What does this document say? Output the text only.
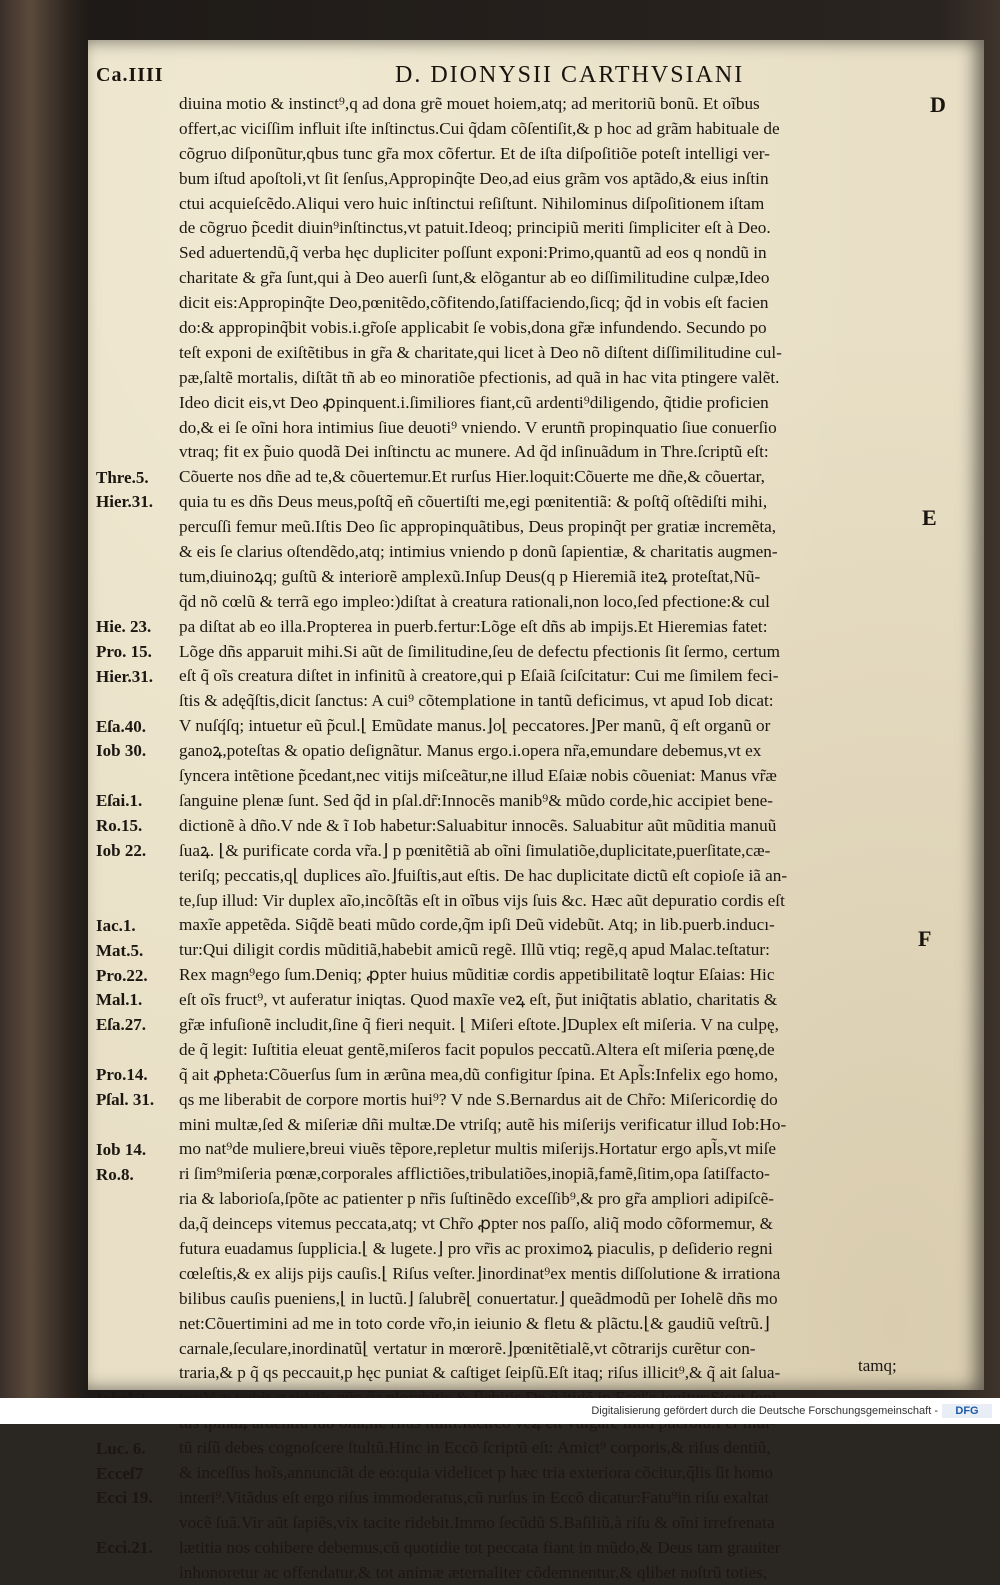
Ca.IIII	D. DIONYSII CARTHVSIANI
D
E
F
Thre.5.
Hier.31.
Hie. 23.
Pro. 15.
Hier.31.
Eſa.40.
Iob 30.
Eſai.1.
Ro.15.
Iob 22.
Iac.1.
Mat.5.
Pro.22.
Mal.1.
Eſa.27.
Pro.14.
Pſal. 31.
Iob 14.
Ro.8.
Luc. 6.
Ecceſ7
Ecci 19.
Ecci.21.
diuina motio & instinct⁹,q ad dona grẽ mouet hoiem,atq; ad meritoriũ bonũ. Et oĩbus
offert,ac viciſſim influit iſte inſtinctus.Cui q̃dam cõſentiſit,& p hoc ad grãm habituale de
cõgruo diſponũtur,qbus tunc gr̃a mox cõfertur. Et de iſta diſpoſitiõe poteſt intelligi ver-
bum iſtud apoſtoli,vt ſit ſenſus,Appropinq̃te Deo,ad eius grãm vos aptãdo,& eius inſtin
ctui acquieſcẽdo.Aliqui vero huic inſtinctui reſiſtunt. Nihilominus diſpoſitionem iſtam
de cõgruo p̃cedit diuin⁹inſtinctus,vt patuit.Ideoq; principiũ meriti ſimpliciter eſt à Deo.
Sed aduertendũ,q̃ verba hęc dupliciter poſſunt exponi:Primo,quantũ ad eos q nondũ in
charitate & gr̃a ſunt,qui à Deo auerſi ſunt,& elõgantur ab eo diſſimilitudine culpæ,Ideo
dicit eis:Appropinq̃te Deo,pœnitẽdo,cõfitendo,ſatiſfaciendo,ſicq; q̃d in vobis eſt facien
do:& appropinq̃bit vobis.i.gr̃oſe applicabit ſe vobis,dona gr̃æ infundendo. Secundo po
teſt exponi de exiſtẽtibus in gr̃a & charitate,qui licet à Deo nõ diſtent diſſimilitudine cul-
pæ,ſaltẽ mortalis, diſtãt tñ ab eo minoratiõe pfectionis, ad quã in hac vita ptingere valẽt.
Ideo dicit eis,vt Deo ꝓpinquent.i.ſimiliores fiant,cũ ardenti⁹diligendo, q̃tidie proficien
do,& ei ſe oĩni hora intimius ſiue deuoti⁹ vniendo. V eruntñ propinquatio ſiue conuerſio
vtraq; fit ex p̃uio quodã Dei inſtinctu ac munere. Ad q̃d inſinuãdum in Thre.ſcriptũ eſt:
Cõuerte nos dñe ad te,& cõuertemur.Et rurſus Hier.loquit:Cõuerte me dñe,& cõuertar,
quia tu es dñs Deus meus,poſtq̃ eñ cõuertiſti me,egi pœnitentiã: & poſtq̃ oſtẽdiſti mihi,
percuſſi femur meũ.Iſtis Deo ſic appropinquãtibus, Deus propinq̃t per gratiæ incremẽta,
& eis ſe clarius oſtendẽdo,atq; intimius vniendo p donũ ſapientiæ, & charitatis augmen-
tum,diuinoꝝq; guſtũ & interiorẽ amplexũ.Inſup Deus(q p Hieremiã iteꝝ proteſtat,Nũ-
q̃d nõ cœlũ & terrã ego impleo:)diſtat à creatura rationali,non loco,ſed pfectione:& cul
pa diſtat ab eo illa.Propterea in puerb.fertur:Lõge eſt dñs ab impijs.Et Hieremias fatet:
Lõge dñs apparuit mihi.Si aũt de ſimilitudine,ſeu de defectu pfectionis ſit ſermo, certum
eſt q̃ oĩs creatura diſtet in infinitũ à creatore,qui p Eſaiã ſciſcitatur: Cui me ſimilem feci-
ſtis & adęq̃ſtis,dicit ſanctus: A cui⁹ cõtemplatione in tantũ deficimus, vt apud Iob dicat:
V nuſq́ſq; intuetur eũ p̃cul.⌊ Emũdate manus.⌋o⌊ peccatores.⌋Per manũ, q̃ eſt organũ or
ganoꝝ,poteſtas & opatio deſignãtur. Manus ergo.i.opera nr̃a,emundare debemus,vt ex
ſyncera intẽtione p̃cedant,nec vitijs miſceãtur,ne illud Eſaiæ nobis cõueniat: Manus vr̃æ
ſanguine plenæ ſunt. Sed q̃d in pſal.dr̃:Innocẽs manib⁹& mũdo corde,hic accipiet bene-
dictionẽ à dño.V nde & ĩ Iob habetur:Saluabitur innocẽs. Saluabitur aũt mũditia manuũ
ſuaꝝ. ⌊& purificate corda vr̃a.⌋ p pœnitẽtiã ab oĩni ſimulatiõe,duplicitate,puerſitate,cæ-
teriſq; peccatis,q⌊ duplices aĩo.⌋fuiſtis,aut eſtis. De hac duplicitate dictũ eſt copioſe iã an-
te,ſup illud: Vir duplex aĩo,incõſtãs eſt in oĩbus vijs ſuis &c. Hæc aũt depuratio cordis eſt
maxĩe appetẽda. Siq̃dẽ beati mũdo corde,q̃m ipſi Deũ videbũt. Atq; in lib.puerb.inducı-
tur:Qui diligit cordis mũditiã,habebit amicũ regẽ. Illũ vtiq; regẽ,q apud Malac.teſtatur:
Rex magn⁹ego ſum.Deniq; ꝓpter huius mũditiæ cordis appetibilitatẽ loqtur Eſaias: Hic
eſt oĩs fruct⁹, vt auferatur iniqtas. Quod maxĩe veꝝ eſt, p̃ut iniq̃tatis ablatio, charitatis &
gr̃æ infuſionẽ includit,ſine q̃ fieri nequit. ⌊ Miſeri eſtote.⌋Duplex eſt miſeria. V na culpę,
de q̃ legit: Iuſtitia eleuat gentẽ,miſeros facit populos peccatũ.Altera eſt miſeria pœnę,de
q̃ ait ꝓpheta:Cõuerſus ſum in ærũna mea,dũ configitur ſpina. Et Apl̃s:Infelix ego homo,
qs me liberabit de corpore mortis hui⁹? V nde S.Bernardus ait de Chr̃o: Miſericordię do
mini multæ,ſed & miſeriæ dñi multæ.De vtriſq; autẽ his miſerijs verificatur illud Iob:Ho-
mo nat⁹de muliere,breui viuẽs tẽpore,repletur multis miſerijs.Hortatur ergo apl̃s,vt miſe
ri ſim⁹miſeria pœnæ,corporales afflictiões,tribulatiões,inopiã,famẽ,ſitim,opa ſatiſfacto-
ria & laborioſa,ſpõte ac patienter p nr̃is ſuſtinẽdo exceſſib⁹,& pro gr̃a ampliori adipiſcẽ-
da,q̃ deinceps vitemus peccata,atq; vt Chr̃o ꝓpter nos paſſo, aliq̃ modo cõformemur, &
futura euadamus ſupplicia.⌊ & lugete.⌋ pro vr̃is ac proximoꝝ piaculis, p deſiderio regni
cœleſtis,& ex alijs pijs cauſis.⌊ Riſus veſter.⌋inordinat⁹ex mentis diſſolutione & irrationa
bilibus cauſis pueniens,⌊ in luctũ.⌋ ſalubrẽ⌊ conuertatur.⌋ queãdmodũ per Iohelẽ dñs mo
net:Cõuertimini ad me in toto corde vr̃o,in ieiunio & fletu & plãctu.⌊& gaudiũ veſtrũ.⌋
carnale,ſeculare,inordinatũ⌊ vertatur in mœrorẽ.⌋pœnitẽtialẽ,vt cõtrarijs curẽtur con-
traria,& p q̃ qs peccauit,p hęc puniat & caſtiget ſeipſũ.Eſt itaq; riſus illicit⁹,& q̃ ait ſalua-
tũ riſũ debes cognoſcere ſtultũ.Hinc in Eccõ ſcriptũ eſt: Amict⁹ corporis,& riſus dentiũ,
& inceſſus hoĩs,annunciãt de eo:quia videlicet p hæc tria exteriora cõcitur,q̃lis ſit homo
interi⁹.Vitãdus eſt ergo riſus immoderatus,cũ rurſus in Eccõ dicatur:Fatu⁹in riſu exaltat
vocẽ ſuã.Vir aũt ſapiẽs,vix tacite ridebit.Immo ſecũdũ S.Baſiliũ,à riſu & oĩni irrefrenata
lætitia nos cohibere debemus,cũ quotidie tot peccata fiant in mũdo,& Deus tam grauiter
inhonoretur ac offendatur,& tot animæ æternaliter cõdemnentur,& qlibet noſtrũ toties,
tamq;
Digitalisierung gefördert durch die Deutsche Forschungsgemeinschaft -	DFG
